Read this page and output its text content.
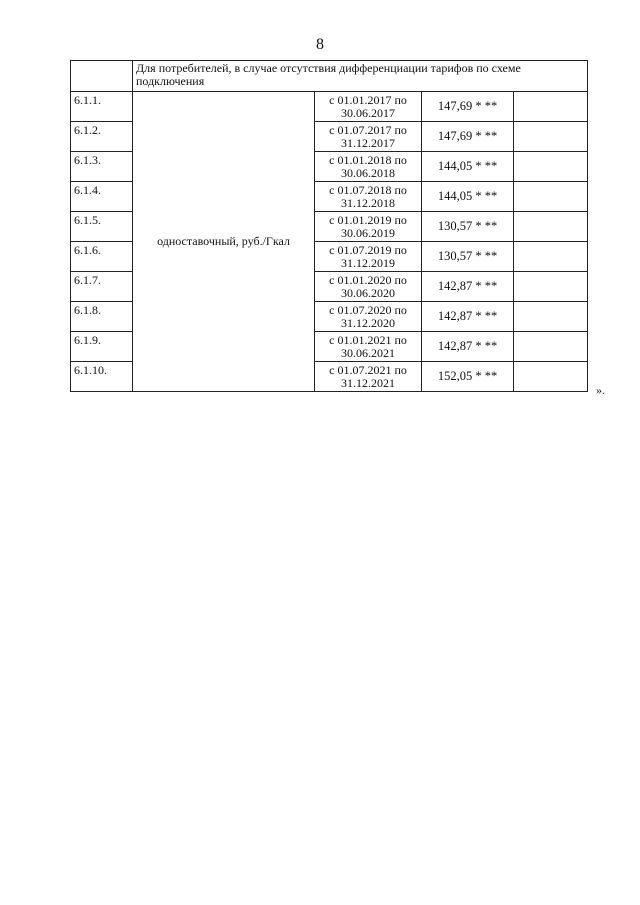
8
	Для потребителей, в случае отсутствия дифференциации тарифов по схеме подключения			
6.1.1.	одноставочный, руб./Гкал	с 01.01.2017 по 30.06.2017	147,69 * **	
6.1.2.		с 01.07.2017 по 31.12.2017	147,69 * **	
6.1.3.		с 01.01.2018 по 30.06.2018	144,05 * **	
6.1.4.		с 01.07.2018 по 31.12.2018	144,05 * **	
6.1.5.		с 01.01.2019 по 30.06.2019	130,57 * **	
6.1.6.		с 01.07.2019 по 31.12.2019	130,57 * **	
6.1.7.		с 01.01.2020 по 30.06.2020	142,87 * **	
6.1.8.		с 01.07.2020 по 31.12.2020	142,87 * **	
6.1.9.		с 01.01.2021 по 30.06.2021	142,87 * **	
6.1.10.		с 01.07.2021 по 31.12.2021	152,05 * **	
».
